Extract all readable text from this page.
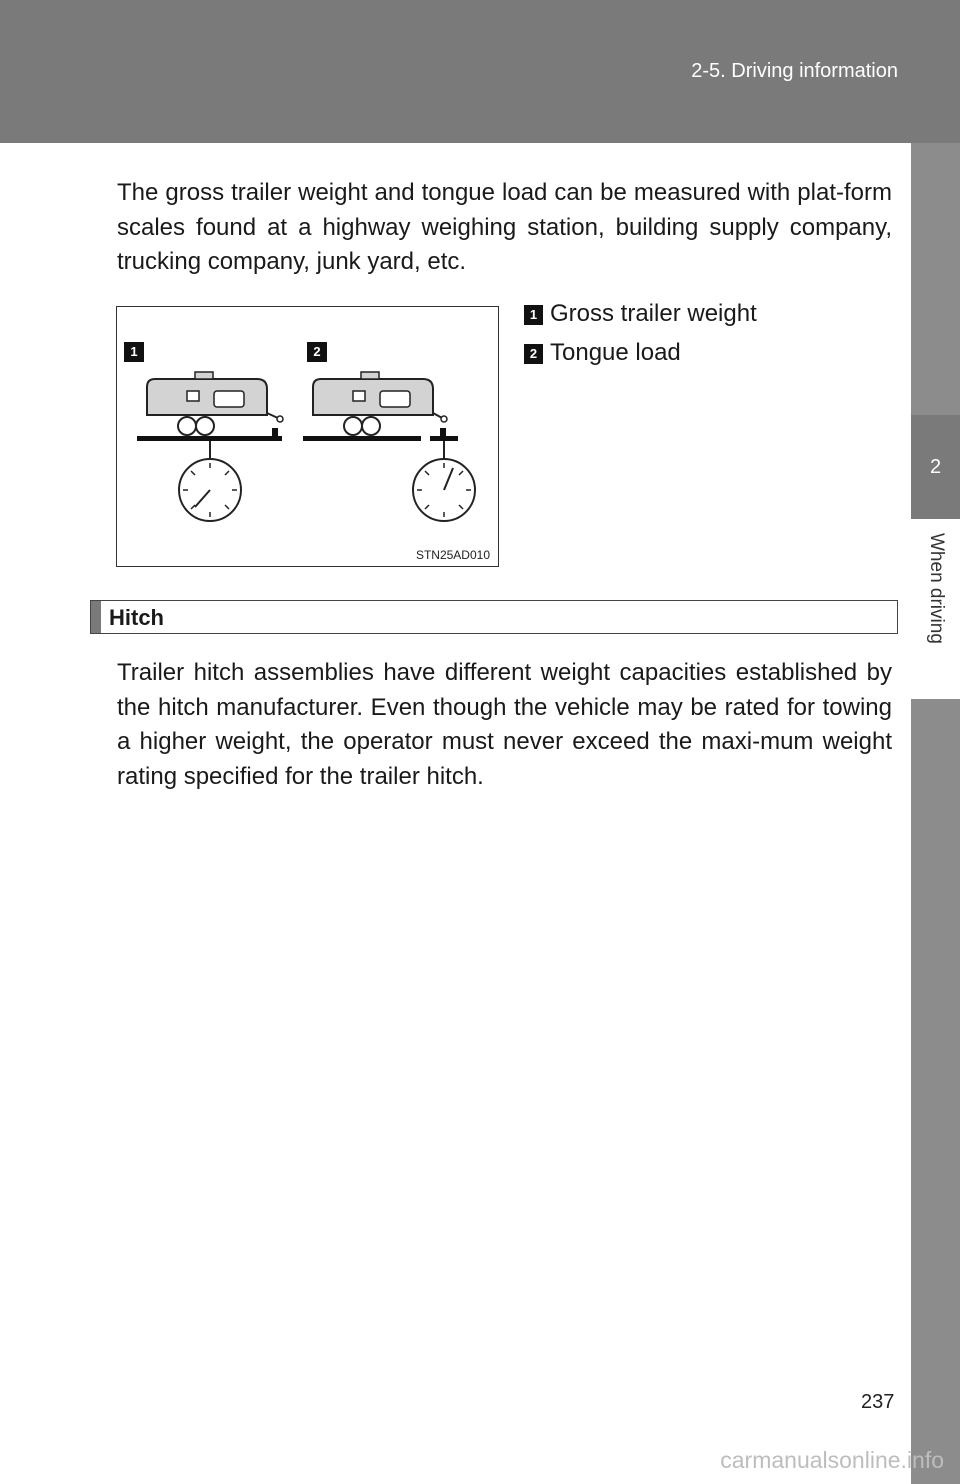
2-5. Driving information
2
When driving

The gross trailer weight and tongue load can be measured with plat-form scales found at a highway weighing station, building supply company, trucking company, junk yard, etc.

1	2
STN25AD010
1 Gross trailer weight
2 Tongue load
Hitch

Trailer hitch assemblies have different weight capacities established by the hitch manufacturer. Even though the vehicle may be rated for towing a higher weight, the operator must never exceed the maxi-mum weight rating specified for the trailer hitch.

237
carmanualsonline.info
